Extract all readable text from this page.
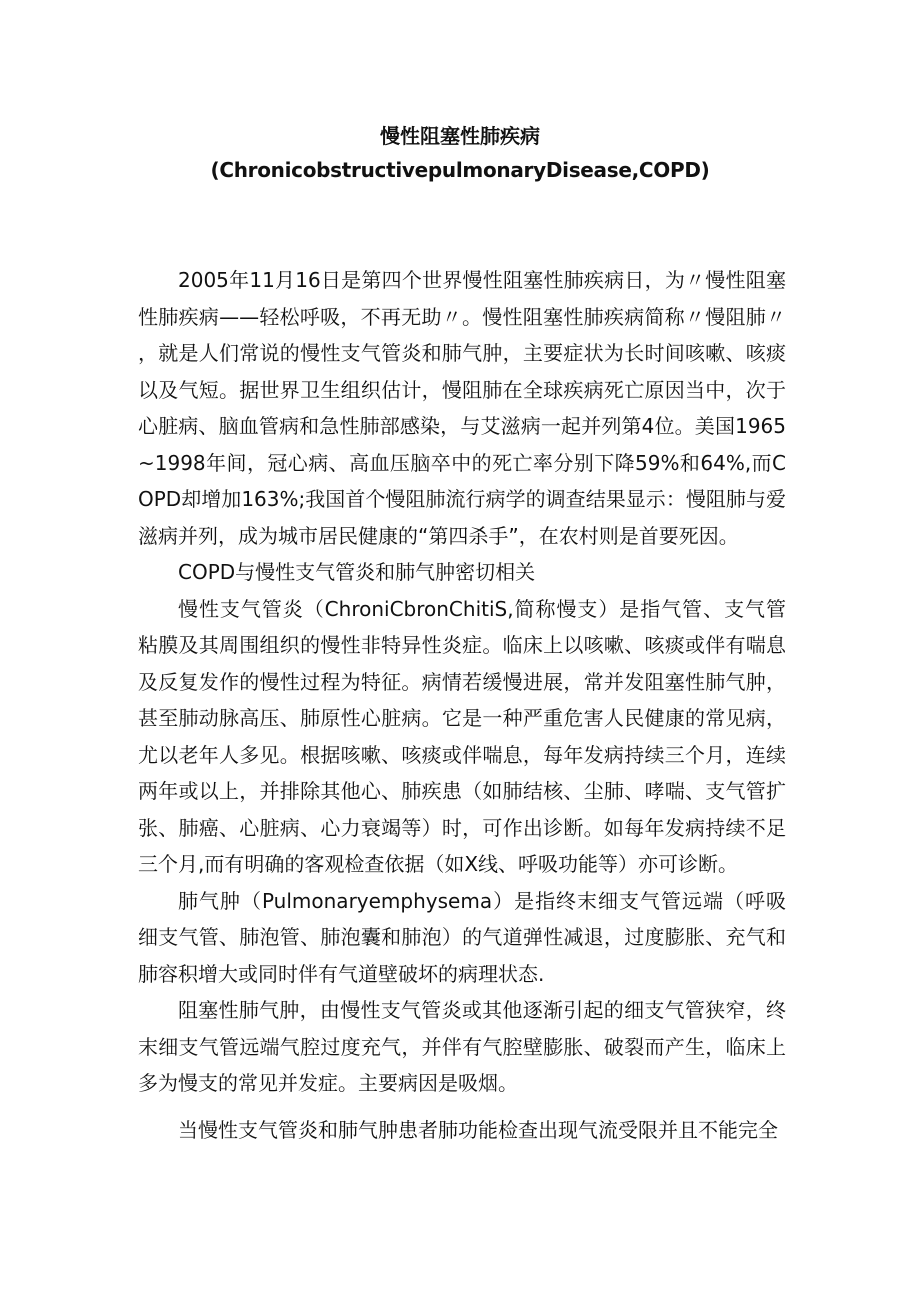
慢性阻塞性肺疾病
(ChronicobstructivepulmonaryDisease,COPD)

2005年11月16日是第四个世界慢性阻塞性肺疾病日，为〃慢性阻塞性肺疾病——轻松呼吸，不再无助〃。慢性阻塞性肺疾病简称〃慢阻肺〃，就是人们常说的慢性支气管炎和肺气肿，主要症状为长时间咳嗽、咳痰以及气短。据世界卫生组织估计，慢阻肺在全球疾病死亡原因当中，次于心脏病、脑血管病和急性肺部感染，与艾滋病一起并列第4位。美国1965~1998年间，冠心病、高血压脑卒中的死亡率分别下降59%和64%,而COPD却增加163%;我国首个慢阻肺流行病学的调查结果显示：慢阻肺与爱滋病并列，成为城市居民健康的“第四杀手”，在农村则是首要死因。

COPD与慢性支气管炎和肺气肿密切相关

慢性支气管炎（ChroniCbronChitiS,简称慢支）是指气管、支气管粘膜及其周围组织的慢性非特异性炎症。临床上以咳嗽、咳痰或伴有喘息及反复发作的慢性过程为特征。病情若缓慢进展，常并发阻塞性肺气肿，甚至肺动脉高压、肺原性心脏病。它是一种严重危害人民健康的常见病，尤以老年人多见。根据咳嗽、咳痰或伴喘息，每年发病持续三个月，连续两年或以上，并排除其他心、肺疾患（如肺结核、尘肺、哮喘、支气管扩张、肺癌、心脏病、心力衰竭等）时，可作出诊断。如每年发病持续不足三个月,而有明确的客观检查依据（如X线、呼吸功能等）亦可诊断。

肺气肿（Pulmonaryemphysema）是指终末细支气管远端（呼吸细支气管、肺泡管、肺泡囊和肺泡）的气道弹性减退，过度膨胀、充气和肺容积增大或同时伴有气道壁破坏的病理状态.

阻塞性肺气肿，由慢性支气管炎或其他逐渐引起的细支气管狭窄，终末细支气管远端气腔过度充气，并伴有气腔壁膨胀、破裂而产生，临床上多为慢支的常见并发症。主要病因是吸烟。

当慢性支气管炎和肺气肿患者肺功能检查出现气流受限并且不能完全
